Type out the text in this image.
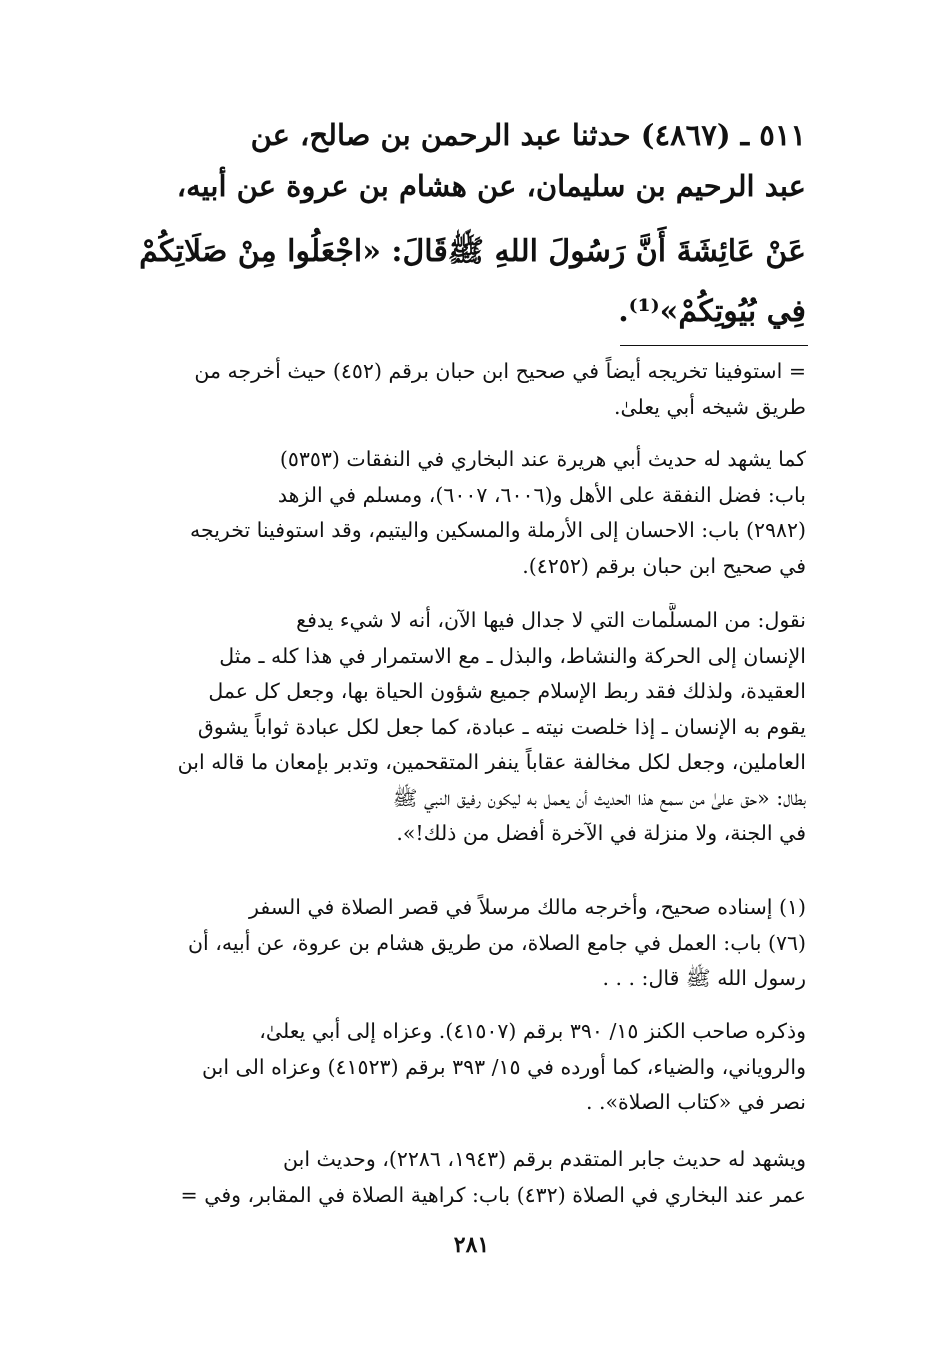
٥١١ ـ (٤٨٦٧) حدثنا عبد الرحمن بن صالح، عن
عبد الرحيم بن سليمان، عن هشام بن عروة عن أبيه،
عَنْ عَائِشَةَ أَنَّ رَسُولَ اللهِ ﷺقَالَ: «اجْعَلُوا مِنْ صَلَاتِكُمْ
فِي بُيُوتِكُمْ»⁽¹⁾.
= استوفينا تخريجه أيضاً في صحيح ابن حبان برقم (٤٥٢) حيث أخرجه من
طريق شيخه أبي يعلىٰ.
كما يشهد له حديث أبي هريرة عند البخاري في النفقات (٥٣٥٣)
باب: فضل النفقة على الأهل و(٦٠٠٦، ٦٠٠٧)، ومسلم في الزهد
(٢٩٨٢) باب: الاحسان إلى الأرملة والمسكين واليتيم، وقد استوفينا تخريجه
في صحيح ابن حبان برقم (٤٢٥٢).
نقول: من المسلَّمات التي لا جدال فيها الآن، أنه لا شيء يدفع
الإنسان إلى الحركة والنشاط، والبذل ـ مع الاستمرار في هذا كله ـ مثل
العقيدة، ولذلك فقد ربط الإسلام جميع شؤون الحياة بها، وجعل كل عمل
يقوم به الإنسان ـ إذا خلصت نيته ـ عبادة، كما جعل لكل عبادة ثواباً يشوق
العاملين، وجعل لكل مخالفة عقاباً ينفر المتقحمين، وتدبر بإمعان ما قاله ابن
بطال: «حق علىٰ من سمع هذا الحديث أن يعمل به ليكون رفيق النبي ﷺ
في الجنة، ولا منزلة في الآخرة أفضل من ذلك!».
(١) إسناده صحيح، وأخرجه مالك مرسلاً في قصر الصلاة في السفر
(٧٦) باب: العمل في جامع الصلاة، من طريق هشام بن عروة، عن أبيه، أن
رسول الله ﷺ قال: . . .
وذكره صاحب الكنز ١٥/ ٣٩٠ برقم (٤١٥٠٧). وعزاه إلى أبي يعلىٰ،
والروياني، والضياء، كما أورده في ١٥/ ٣٩٣ برقم (٤١٥٢٣) وعزاه الى ابن
نصر في «كتاب الصلاة». .
ويشهد له حديث جابر المتقدم برقم (١٩٤٣، ٢٢٨٦)، وحديث ابن
عمر عند البخاري في الصلاة (٤٣٢) باب: كراهية الصلاة في المقابر، وفي =
٢٨١
